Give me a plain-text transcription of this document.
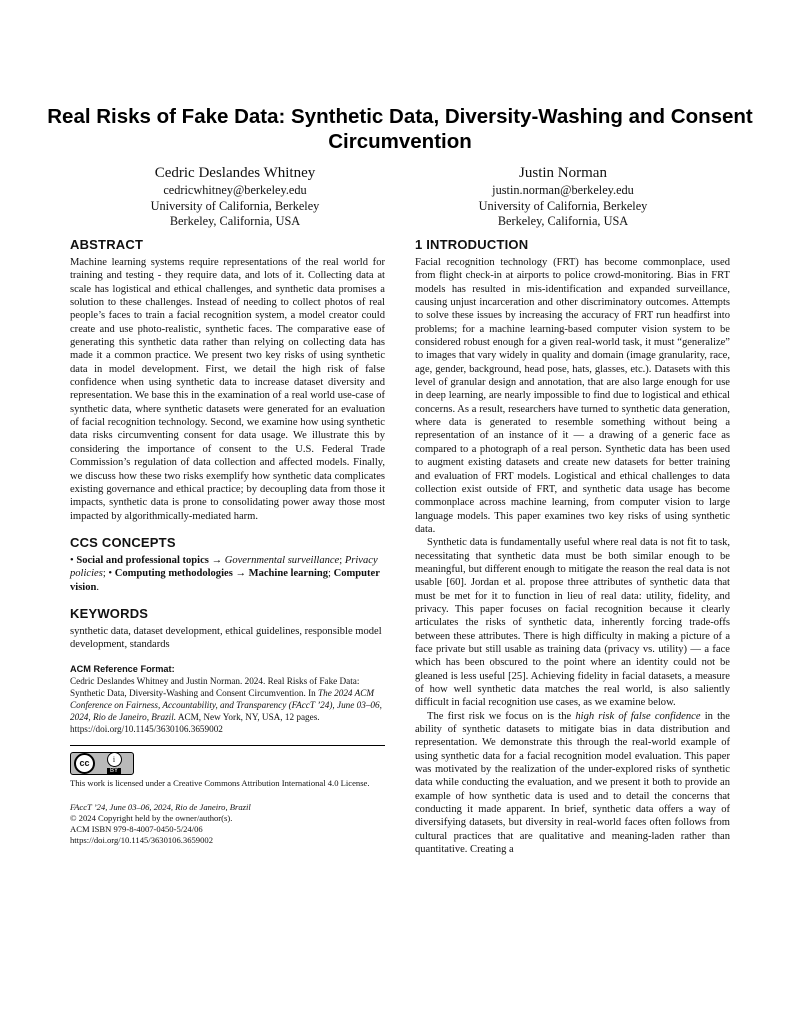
Real Risks of Fake Data: Synthetic Data, Diversity-Washing and Consent Circumvention
Cedric Deslandes Whitney
cedricwhitney@berkeley.edu
University of California, Berkeley
Berkeley, California, USA
Justin Norman
justin.norman@berkeley.edu
University of California, Berkeley
Berkeley, California, USA
ABSTRACT

Machine learning systems require representations of the real world for training and testing - they require data, and lots of it. Collecting data at scale has logistical and ethical challenges, and synthetic data promises a solution to these challenges. Instead of needing to collect photos of real people’s faces to train a facial recognition system, a model creator could create and use photo-realistic, synthetic faces. The comparative ease of generating this synthetic data rather than relying on collecting data has made it a common practice. We present two key risks of using synthetic data in model development. First, we detail the high risk of false confidence when using synthetic data to increase dataset diversity and representation. We base this in the examination of a real world use-case of synthetic data, where synthetic datasets were generated for an evaluation of facial recognition technology. Second, we examine how using synthetic data risks circumventing consent for data usage. We illustrate this by considering the importance of consent to the U.S. Federal Trade Commission’s regulation of data collection and affected models. Finally, we discuss how these two risks exemplify how synthetic data complicates existing governance and ethical practice; by decoupling data from those it impacts, synthetic data is prone to consolidating power away those most impacted by algorithmically-mediated harm.

CCS CONCEPTS

• Social and professional topics → Governmental surveillance; Privacy policies; • Computing methodologies → Machine learning; Computer vision.

KEYWORDS

synthetic data, dataset development, ethical guidelines, responsible model development, standards

ACM Reference Format:
Cedric Deslandes Whitney and Justin Norman. 2024. Real Risks of Fake Data: Synthetic Data, Diversity-Washing and Consent Circumvention. In The 2024 ACM Conference on Fairness, Accountability, and Transparency (FAccT ’24), June 03–06, 2024, Rio de Janeiro, Brazil. ACM, New York, NY, USA, 12 pages. https://doi.org/10.1145/3630106.3659002
cc	i
BY
This work is licensed under a Creative Commons Attribution International 4.0 License.
FAccT ’24, June 03–06, 2024, Rio de Janeiro, Brazil
© 2024 Copyright held by the owner/author(s).
ACM ISBN 979-8-4007-0450-5/24/06
https://doi.org/10.1145/3630106.3659002
1 INTRODUCTION

Facial recognition technology (FRT) has become commonplace, used from flight check-in at airports to police crowd-monitoring. Bias in FRT models has resulted in mis-identification and expanded surveillance, causing unjust incarceration and other discriminatory outcomes. Attempts to solve these issues by increasing the accuracy of FRT run headfirst into problems; for a machine learning-based computer vision system to be considered robust enough for a given real-world task, it must “generalize” to images that vary widely in quality and domain (image granularity, race, age, gender, background, head pose, hats, glasses, etc.). Datasets with this level of granular design and annotation, that are also large enough for use in deep learning, are nearly impossible to find due to logistical and ethical concerns. As a result, researchers have turned to synthetic data generation, where data is generated to resemble something without being a representation of an instance of it — a drawing of a generic face as compared to a photograph of a real person. Synthetic data has been used to augment existing datasets and create new datasets for better training and evaluation of FRT models. Logistical and ethical challenges to data collection exist outside of FRT, and synthetic data usage has become commonplace across machine learning, from computer vision to large language models. This paper examines two key risks of using synthetic data.

Synthetic data is fundamentally useful where real data is not fit to task, necessitating that synthetic data must be both similar enough to be meaningful, but different enough to mitigate the reason the real data is not usable [60]. Jordan et al. propose three attributes of synthetic data that must be met for it to function in lieu of real data: utility, fidelity, and privacy. This paper focuses on facial recognition because it clearly articulates the risks of synthetic data, inherently forcing trade-offs between these attributes. There is high difficulty in making a picture of a face private but still usable as training data (privacy vs. utility) — a face which has been obscured to the point where an identity could not be gleaned is less useful [25]. Achieving fidelity in facial datasets, a measure of how well synthetic data matches the real world, is also saliently difficult in facial recognition use cases, as we examine below.

The first risk we focus on is the high risk of false confidence in the ability of synthetic datasets to mitigate bias in data distribution and representation. We demonstrate this through the real-world example of using synthetic data for a facial recognition model evaluation. This paper was motivated by the realization of the under-explored risks of synthetic data while conducting the evaluation, and we present it both to provide an example of how synthetic data is used and to detail the concerns that conducting it made apparent. In brief, synthetic data offers a way of diversifying datasets, but diversity in real-world faces often follows from cultural practices that are qualitative and meaning-laden rather than quantitative. Creating a
